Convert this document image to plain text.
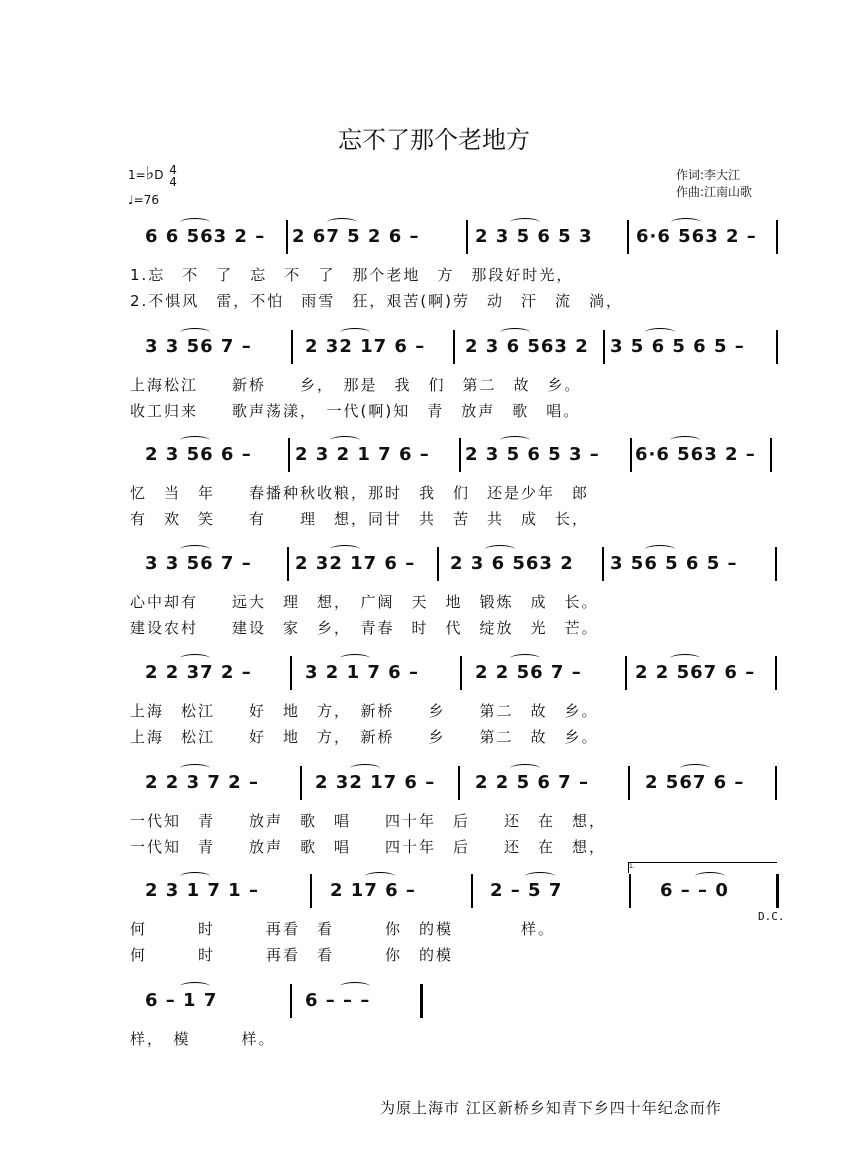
忘不了那个老地方
1=♭D 4
4
♩=76
作词:李大江
作曲:江南山歌
6 6 563 2 – 2 67 5 2 6 –	2 3 5 6 5 3 6·6 563 2 –
1.忘　不　了　忘　不　了　那个老地　方　那段好时光，
2.不惧风　雷，不怕　雨雪　狂，艰苦(啊)劳　动　汗　流　淌，
3 3 56 7 –	2 32 17 6 – 2 3 6 563 2 3 5 6 5 6 5 –
上海松江　　新桥　　乡，　那是　我　们　第二　故　乡。
收工归来　　歌声荡漾，　一代(啊)知　青　放声　歌　唱。
2 3 56 6 – 2 3 2 1 7 6 – 2 3 5 6 5 3 – 6·6 563 2 –
忆　当　年　　春播种秋收粮，那时　我　们　还是少年　郎
有　欢　笑　　有　　理　想，同甘　共　苦　共　成　长，
3 3 56 7 – 2 32 17 6 – 2 3 6 563 2 3 56 5 6 5 –
心中却有　　远大　理　想，　广阔　天　地　锻炼　成　长。
建设农村　　建设　家　乡，　青春　时　代　绽放　光　芒。
2 2 37 2 –	3 2 1 7 6 –	2 2 56 7 –	2 2 567 6 –
上海　松江　　好　地　方，　新桥　　乡　　第二　故　乡。
上海　松江　　好　地　方，　新桥　　乡　　第二　故　乡。
2 2 3 7 2 –	2 32 17 6 – 2 2 5 6 7 –	2 567 6 –
一代知　青　　放声　歌　唱　　四十年　后　　还　在　想，
一代知　青　　放声　歌　唱　　四十年　后　　还　在　想，
2 3 1 7 1 –	2 17 6 –	2 – 5 7	6 – – 0
何　　　时　　　再看　看　　　你　的模　　　　样。
何　　　时　　　再看　看　　　你　的模
6 – 1 7	6 – – –
样，　模　　　样。
1.
D.C.
为原上海市 江区新桥乡知青下乡四十年纪念而作
